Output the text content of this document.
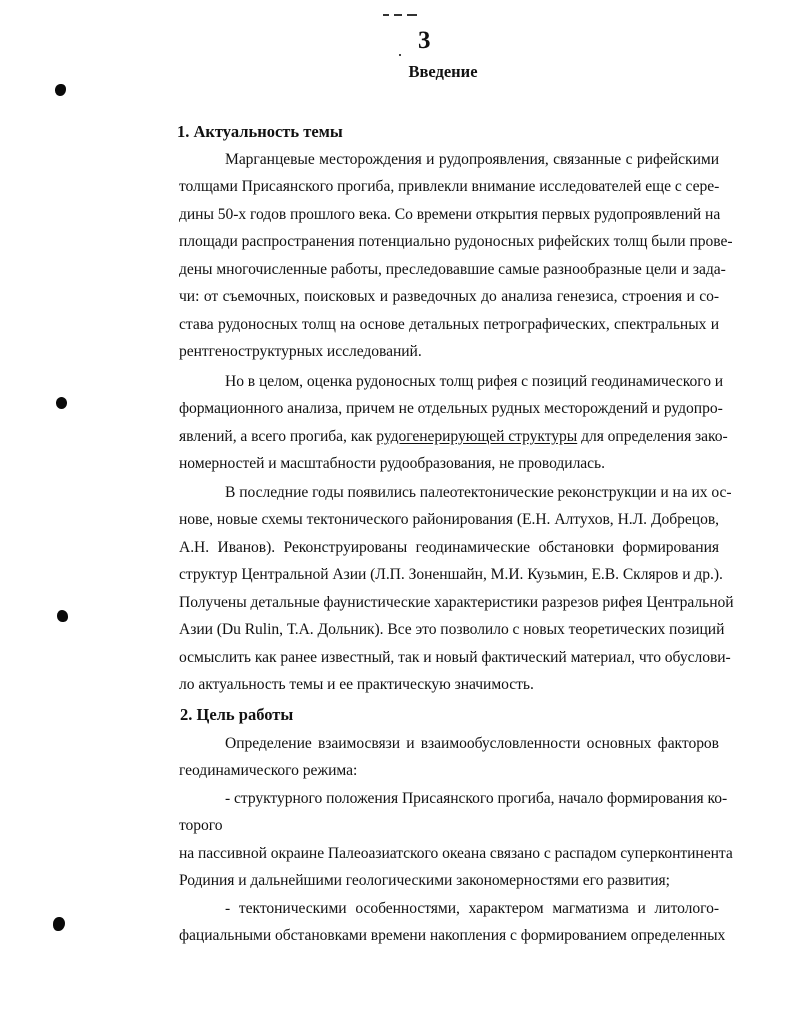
3
Введение
1. Актуальность темы
Марганцевые месторождения и рудопроявления, связанные с рифейскими
толщами Присаянского прогиба, привлекли внимание исследователей еще с сере-
дины 50-х годов прошлого века. Со времени открытия первых рудопроявлений на
площади распространения потенциально рудоносных рифейских толщ были прове-
дены многочисленные работы, преследовавшие самые разнообразные цели и зада-
чи: от съемочных, поисковых и разведочных до анализа генезиса, строения и со-
става рудоносных толщ на основе детальных петрографических, спектральных и
рентгеноструктурных исследований.
Но в целом, оценка рудоносных толщ рифея с позиций геодинамического и
формационного анализа, причем не отдельных рудных месторождений и рудопро-
явлений, а всего прогиба, как рудогенерирующей структуры для определения зако-
номерностей и масштабности рудообразования, не проводилась.
В последние годы появились палеотектонические реконструкции и на их ос-
нове, новые схемы тектонического районирования (Е.Н. Алтухов, Н.Л. Добрецов,
А.Н. Иванов). Реконструированы геодинамические обстановки формирования
структур Центральной Азии (Л.П. Зоненшайн, М.И. Кузьмин, Е.В. Скляров и др.).
Получены детальные фаунистические характеристики разрезов рифея Центральной
Азии (Du Rulin, Т.А. Дольник). Все это позволило с новых теоретических позиций
осмыслить как ранее известный, так и новый фактический материал, что обуслови-
ло актуальность темы и ее практическую значимость.
2. Цель работы
Определение взаимосвязи и взаимообусловленности основных факторов
геодинамического режима:
- структурного положения Присаянского прогиба, начало формирования ко-
торого
на пассивной окраине Палеоазиатского океана связано с распадом суперконтинента
Родиния и дальнейшими геологическими закономерностями его развития;
- тектоническими особенностями, характером магматизма и литолого-
фациальными обстановками времени накопления с формированием определенных
